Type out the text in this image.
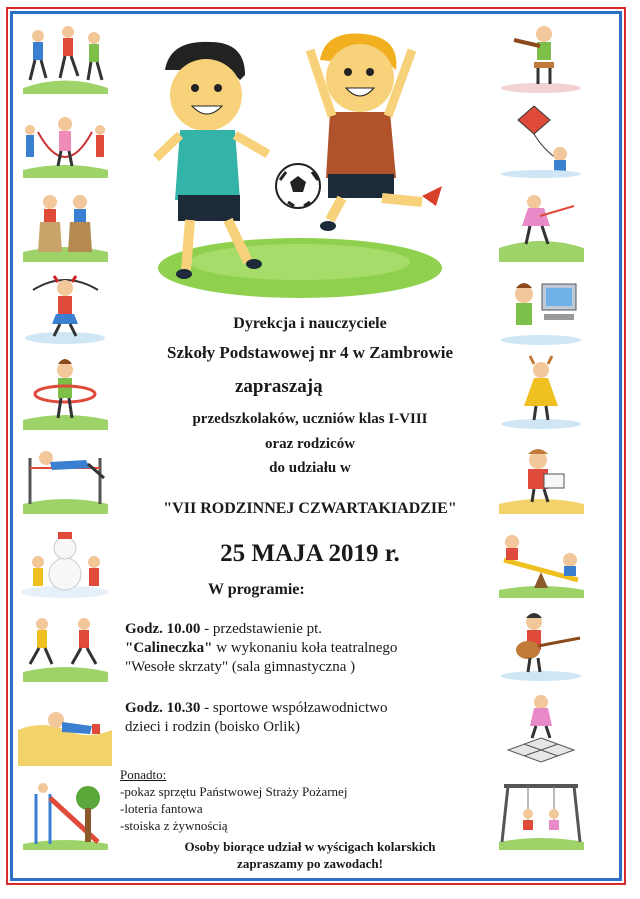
Dyrekcja i nauczyciele
Szkoły Podstawowej nr 4 w Zambrowie
zapraszają
przedszkolaków, uczniów klas I-VIII
oraz rodziców
do udziału w
"VII RODZINNEJ CZWARTAKIADZIE"
25 MAJA 2019 r.
W programie:
Godz. 10.00 - przedstawienie pt.
"Calineczka" w wykonaniu koła teatralnego
"Wesołe skrzaty" (sala gimnastyczna )
Godz. 10.30 - sportowe współzawodnictwo
dzieci i rodzin (boisko Orlik)
Ponadto:
-pokaz sprzętu Państwowej Straży Pożarnej
-loteria fantowa
-stoiska z żywnością
Osoby biorące udział w wyścigach kolarskich
zapraszamy po zawodach!
